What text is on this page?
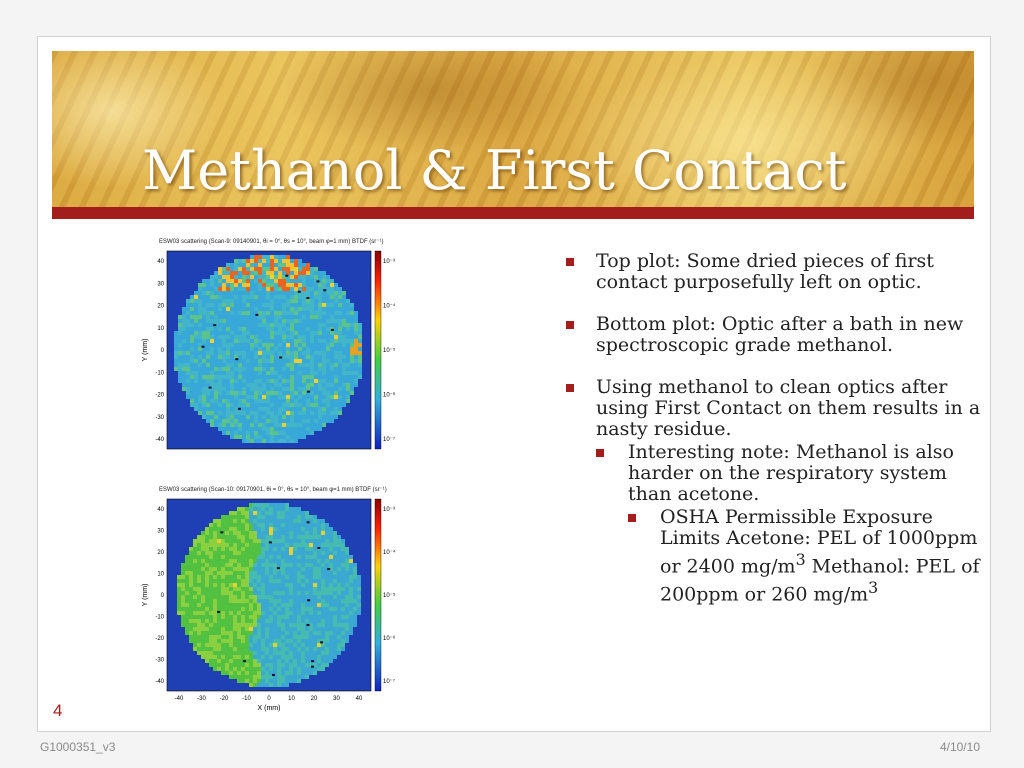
Methanol & First Contact
ESW03 scattering (Scan-9: 09140901, θi = 0°, θs = 10°, beam φ=1 mm) BTDF (sr⁻¹)
40
30
20
10
0
-10
-20
-30
-40
Y (mm)
10⁻³
10⁻⁴
10⁻⁵
10⁻⁶
10⁻⁷
ESW03 scattering (Scan-10: 09170901, θi = 0°, θs = 10°, beam φ=1 mm) BTDF (sr⁻¹)
40
30
20
10
0
-10
-20
-30
-40
Y (mm)
-40 -30 -20 -10	0	10	20	30	40
X (mm)
10⁻³
10⁻⁴
10⁻⁵
10⁻⁶
10⁻⁷
Top plot: Some dried pieces of first contact purposefully left on optic.
Bottom plot: Optic after a bath in new spectroscopic grade methanol.
Using methanol to clean optics after using First Contact on them results in a nasty residue.
Interesting note: Methanol is also harder on the respiratory system than acetone.
OSHA Permissible Exposure Limits Acetone: PEL of 1000ppm or 2400 $mg/m^3$ Methanol: PEL of 200ppm or 260 $mg/m^3$
4
G1000351_v3	4/10/10
